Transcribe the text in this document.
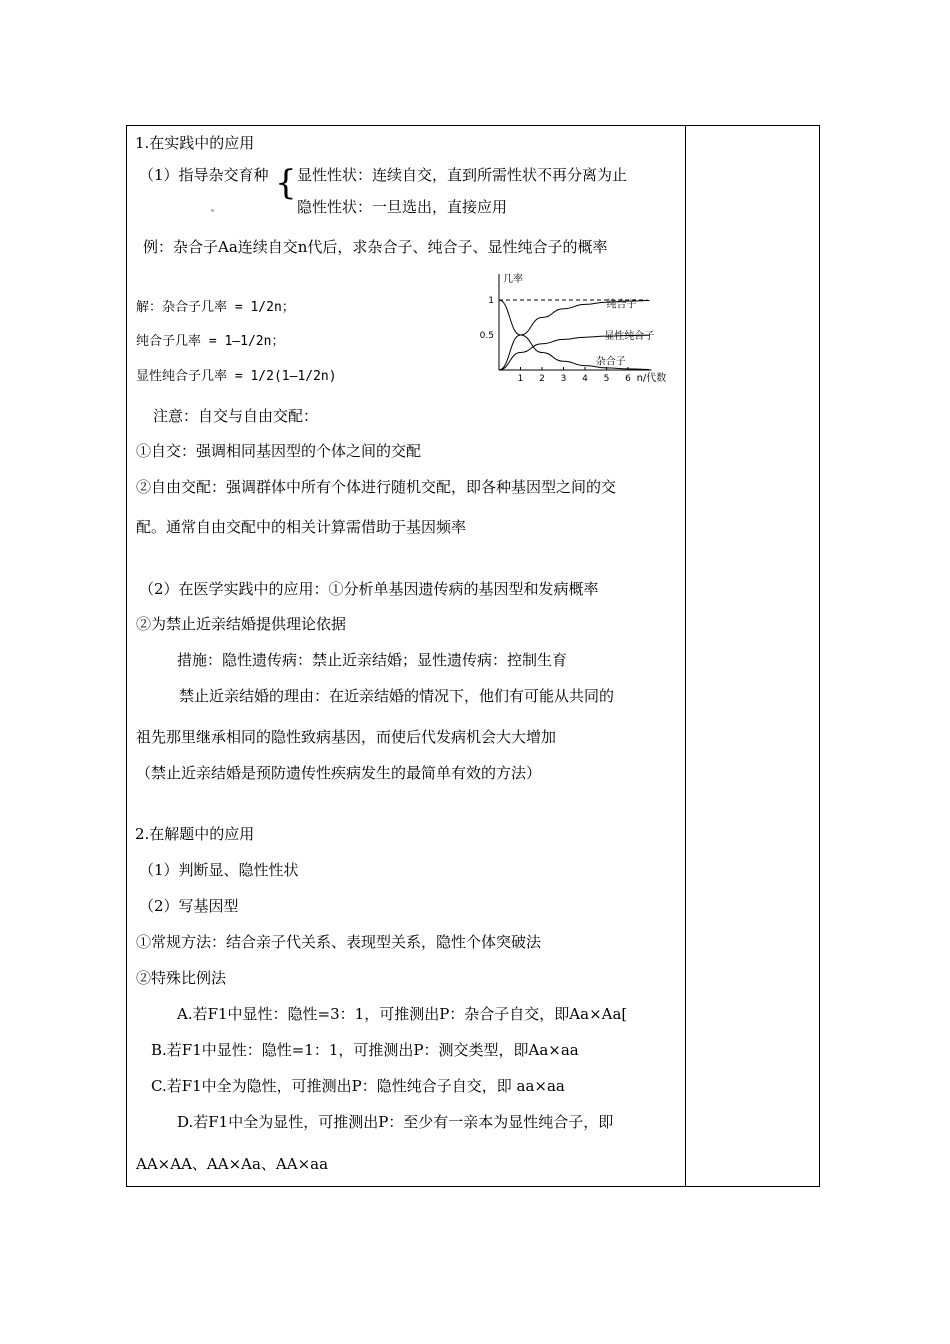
1.在实践中的应用
（1）指导杂交育种 { 显性性状：连续自交，直到所需性状不再分离为止
隐性性状：一旦选出，直接应用
例：杂合子Aa连续自交n代后，求杂合子、纯合子、显性纯合子的概率
解：杂合子几率 = 1/2n；
纯合子几率 = 1—1/2n；
显性纯合子几率 = 1/2(1—1/2n)
几率
n/代数
1
0.5
1 2 3 4 5 6
纯合子
显性纯合子
杂合子
注意：自交与自由交配：
①自交：强调相同基因型的个体之间的交配
②自由交配：强调群体中所有个体进行随机交配，即各种基因型之间的交
配。通常自由交配中的相关计算需借助于基因频率
（2）在医学实践中的应用：①分析单基因遗传病的基因型和发病概率
②为禁止近亲结婚提供理论依据
措施：隐性遗传病：禁止近亲结婚；显性遗传病：控制生育
禁止近亲结婚的理由：在近亲结婚的情况下，他们有可能从共同的
祖先那里继承相同的隐性致病基因，而使后代发病机会大大增加
（禁止近亲结婚是预防遗传性疾病发生的最简单有效的方法）
2.在解题中的应用
（1）判断显、隐性性状
（2）写基因型
①常规方法：结合亲子代关系、表现型关系，隐性个体突破法
②特殊比例法
A.若F1中显性：隐性=3：1，可推测出P：杂合子自交，即Aa×Aa[
B.若F1中显性：隐性=1：1，可推测出P：测交类型，即Aa×aa
C.若F1中全为隐性，可推测出P：隐性纯合子自交，即 aa×aa
D.若F1中全为显性，可推测出P：至少有一亲本为显性纯合子，即
AA×AA、AA×Aa、AA×aa
